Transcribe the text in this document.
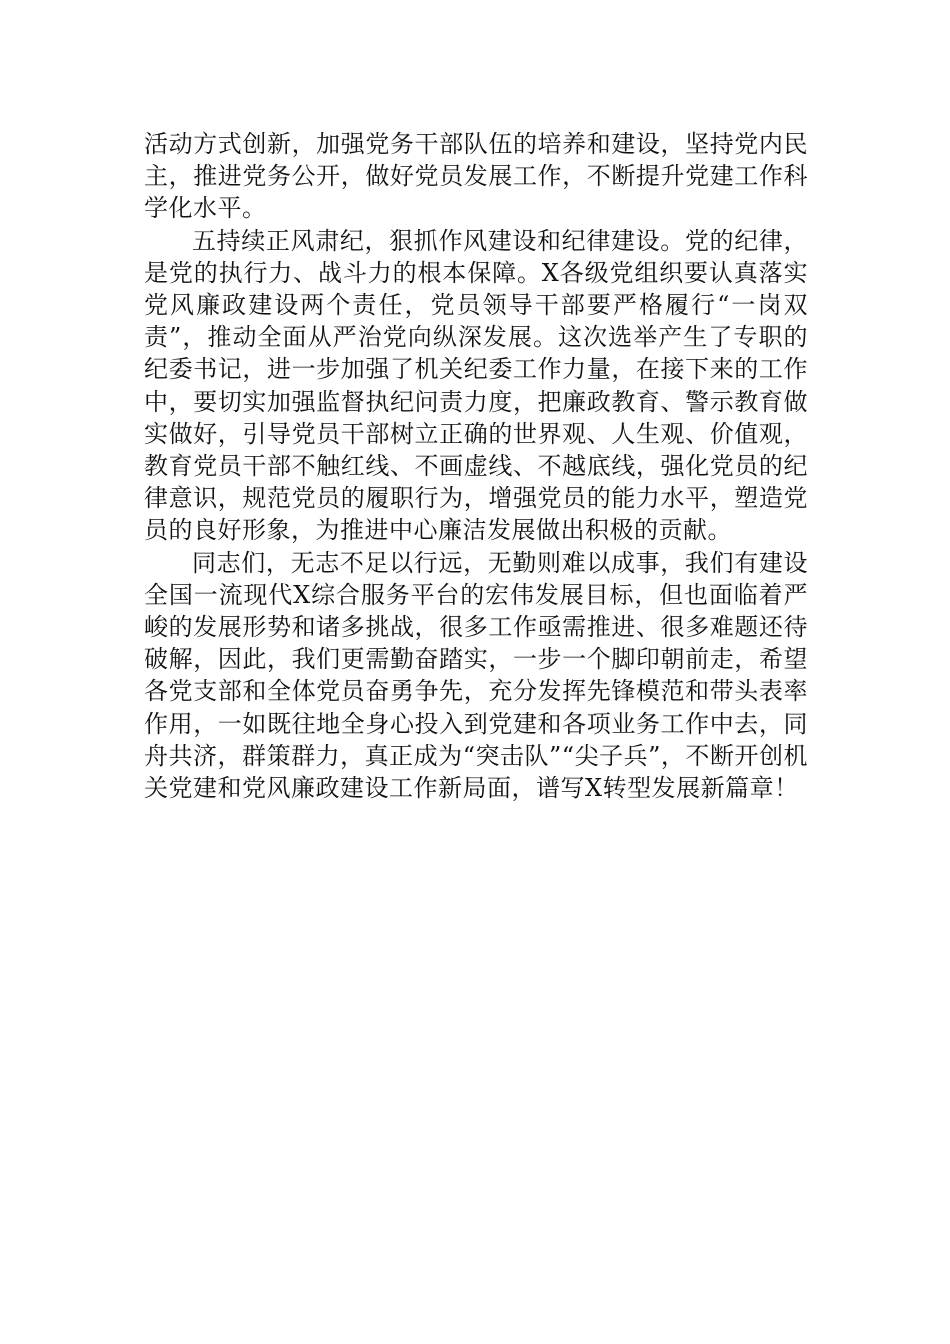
活动方式创新，加强党务干部队伍的培养和建设，坚持党内民主，推进党务公开，做好党员发展工作，不断提升党建工作科学化水平。

五持续正风肃纪，狠抓作风建设和纪律建设。党的纪律，是党的执行力、战斗力的根本保障。X各级党组织要认真落实党风廉政建设两个责任，党员领导干部要严格履行“一岗双责”，推动全面从严治党向纵深发展。这次选举产生了专职的纪委书记，进一步加强了机关纪委工作力量，在接下来的工作中，要切实加强监督执纪问责力度，把廉政教育、警示教育做实做好，引导党员干部树立正确的世界观、人生观、价值观，教育党员干部不触红线、不画虚线、不越底线，强化党员的纪律意识，规范党员的履职行为，增强党员的能力水平，塑造党员的良好形象，为推进中心廉洁发展做出积极的贡献。

同志们，无志不足以行远，无勤则难以成事，我们有建设全国一流现代X综合服务平台的宏伟发展目标，但也面临着严峻的发展形势和诸多挑战，很多工作亟需推进、很多难题还待破解，因此，我们更需勤奋踏实，一步一个脚印朝前走，希望各党支部和全体党员奋勇争先，充分发挥先锋模范和带头表率作用，一如既往地全身心投入到党建和各项业务工作中去，同舟共济，群策群力，真正成为“突击队”“尖子兵”，不断开创机关党建和党风廉政建设工作新局面，谱写X转型发展新篇章！
